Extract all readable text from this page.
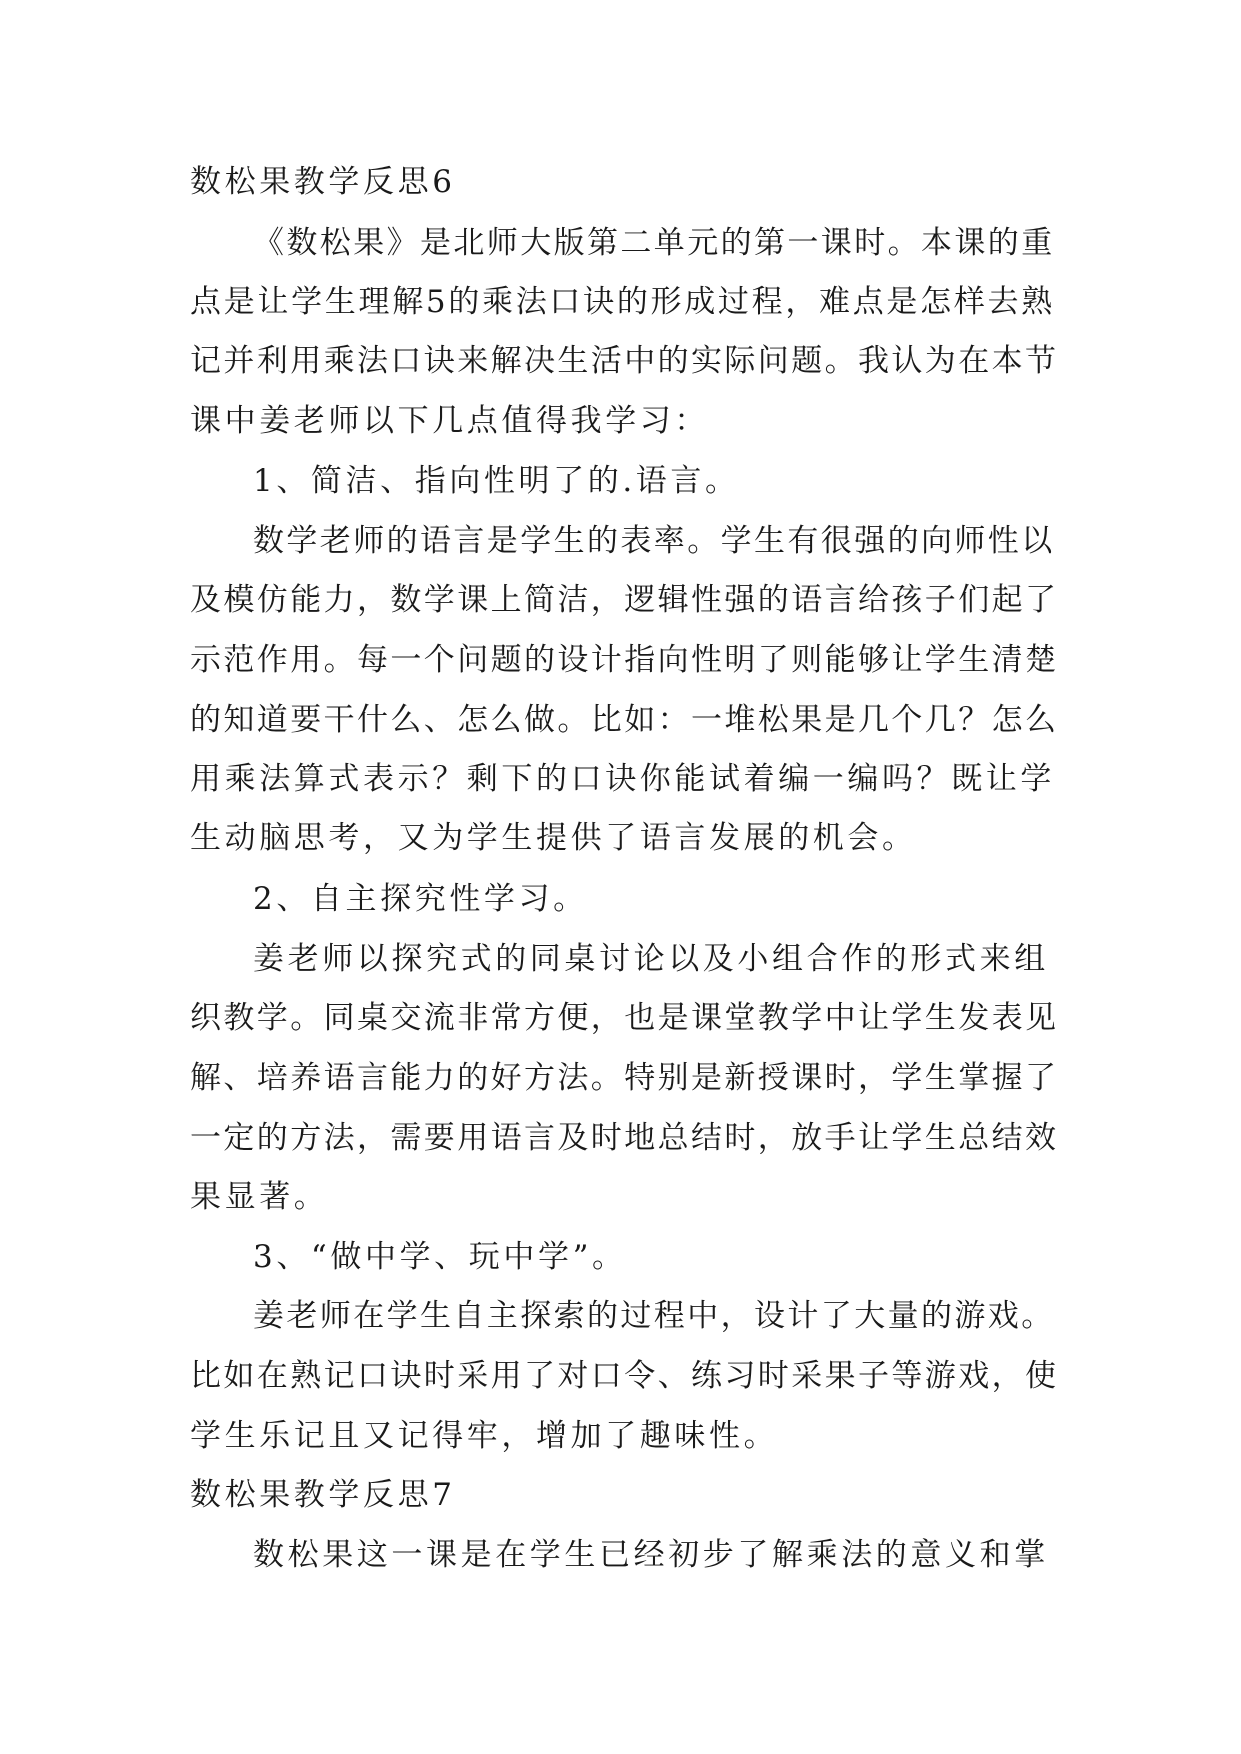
数松果教学反思6
《数松果》是北师大版第二单元的第一课时。本课的重
点是让学生理解5的乘法口诀的形成过程，难点是怎样去熟
记并利用乘法口诀来解决生活中的实际问题。我认为在本节
课中姜老师以下几点值得我学习：
1、简洁、指向性明了的.语言。
数学老师的语言是学生的表率。学生有很强的向师性以
及模仿能力，数学课上简洁，逻辑性强的语言给孩子们起了
示范作用。每一个问题的设计指向性明了则能够让学生清楚
的知道要干什么、怎么做。比如：一堆松果是几个几？怎么
用乘法算式表示？剩下的口诀你能试着编一编吗？既让学
生动脑思考，又为学生提供了语言发展的机会。
2、自主探究性学习。
姜老师以探究式的同桌讨论以及小组合作的形式来组
织教学。同桌交流非常方便，也是课堂教学中让学生发表见
解、培养语言能力的好方法。特别是新授课时，学生掌握了
一定的方法，需要用语言及时地总结时，放手让学生总结效
果显著。
3、“做中学、玩中学”。
姜老师在学生自主探索的过程中，设计了大量的游戏。
比如在熟记口诀时采用了对口令、练习时采果子等游戏，使
学生乐记且又记得牢，增加了趣味性。
数松果教学反思7
数松果这一课是在学生已经初步了解乘法的意义和掌
